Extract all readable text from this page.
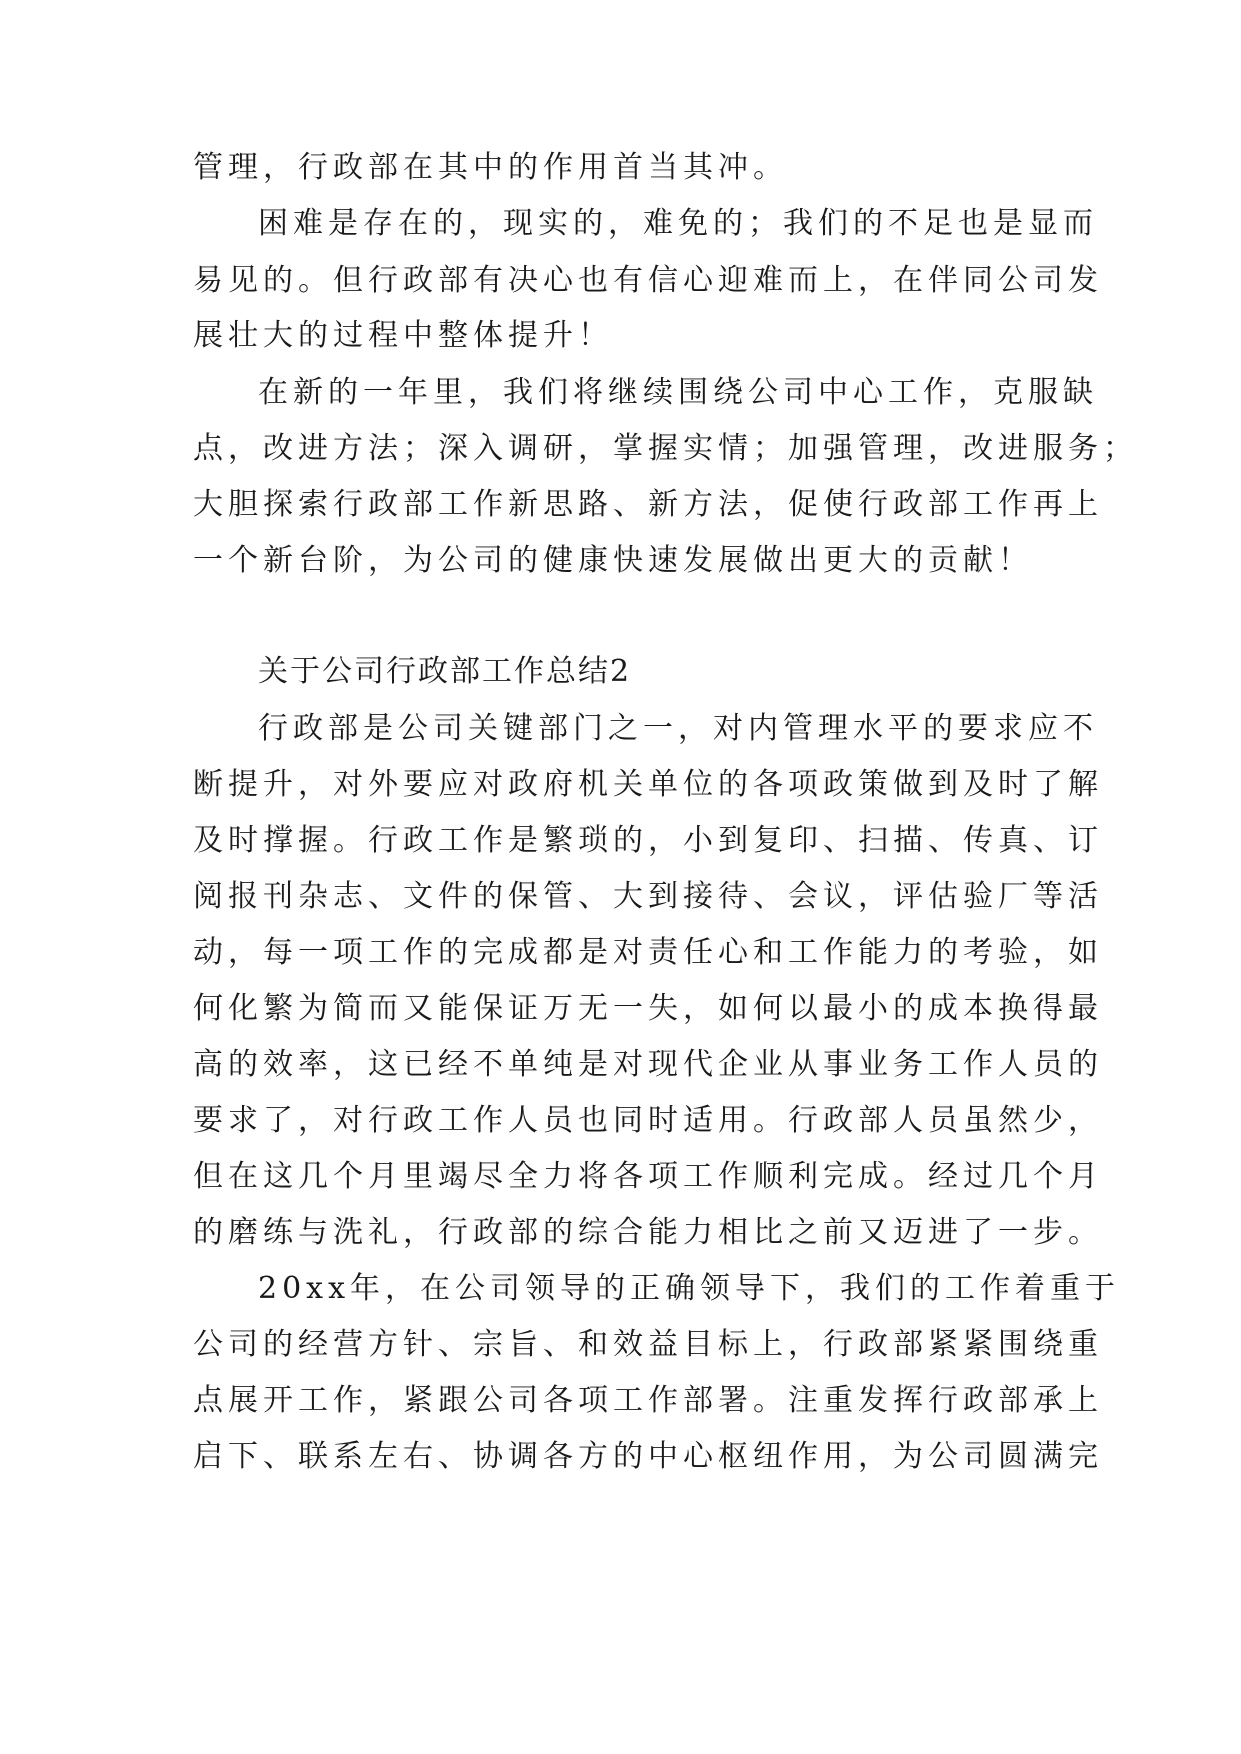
管理，行政部在其中的作用首当其冲。
困难是存在的，现实的，难免的；我们的不足也是显而
易见的。但行政部有决心也有信心迎难而上，在伴同公司发
展壮大的过程中整体提升！
在新的一年里，我们将继续围绕公司中心工作，克服缺
点，改进方法；深入调研，掌握实情；加强管理，改进服务；
大胆探索行政部工作新思路、新方法，促使行政部工作再上
一个新台阶，为公司的健康快速发展做出更大的贡献！
关于公司行政部工作总结2
行政部是公司关键部门之一，对内管理水平的要求应不
断提升，对外要应对政府机关单位的各项政策做到及时了解
及时撑握。行政工作是繁琐的，小到复印、扫描、传真、订
阅报刊杂志、文件的保管、大到接待、会议，评估验厂等活
动，每一项工作的完成都是对责任心和工作能力的考验，如
何化繁为简而又能保证万无一失，如何以最小的成本换得最
高的效率，这已经不单纯是对现代企业从事业务工作人员的
要求了，对行政工作人员也同时适用。行政部人员虽然少，
但在这几个月里竭尽全力将各项工作顺利完成。经过几个月
的磨练与洗礼，行政部的综合能力相比之前又迈进了一步。
20xx年，在公司领导的正确领导下，我们的工作着重于
公司的经营方针、宗旨、和效益目标上，行政部紧紧围绕重
点展开工作，紧跟公司各项工作部署。注重发挥行政部承上
启下、联系左右、协调各方的中心枢纽作用，为公司圆满完
